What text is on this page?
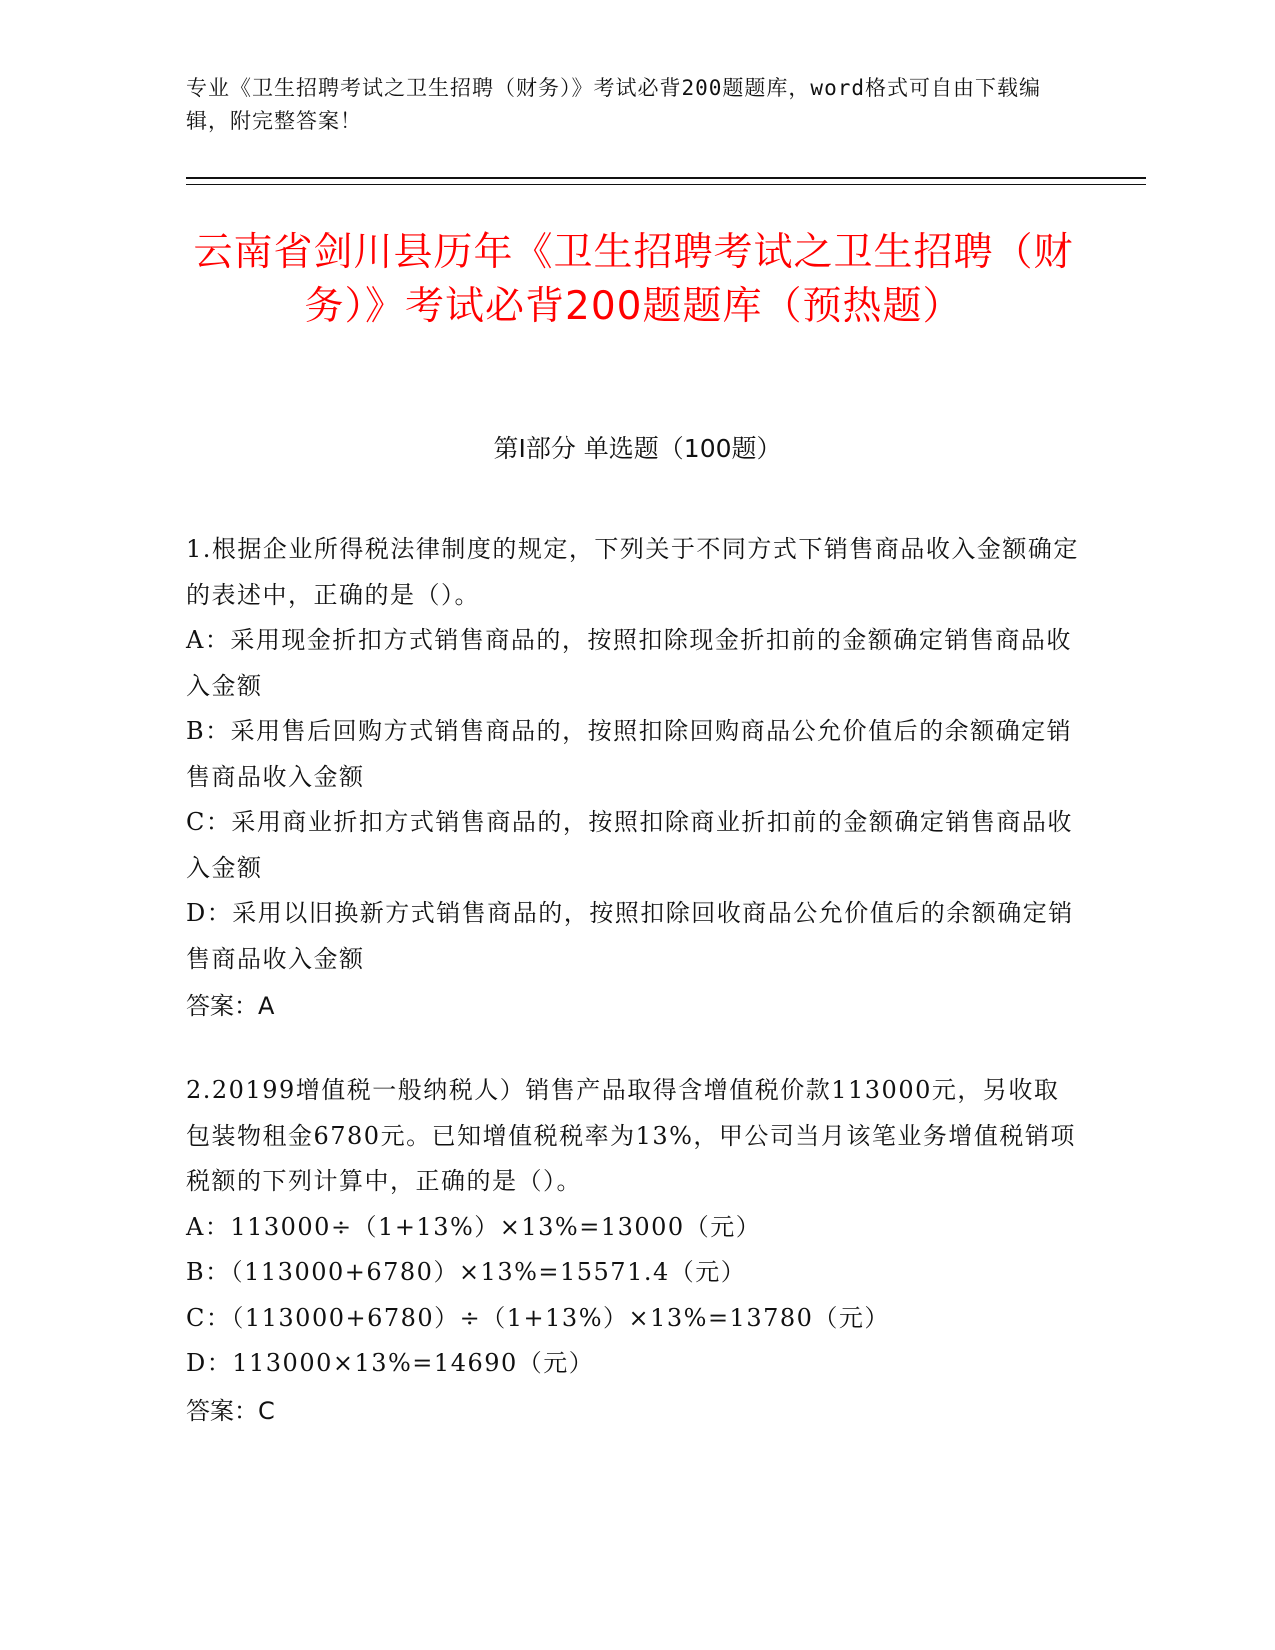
专业《卫生招聘考试之卫生招聘（财务）》考试必背200题题库，word格式可自由下载编辑，附完整答案！
云南省剑川县历年《卫生招聘考试之卫生招聘（财务）》考试必背200题题库（预热题）
第Ⅰ部分 单选题（100题）
1.根据企业所得税法律制度的规定，下列关于不同方式下销售商品收入金额确定的表述中，正确的是（）。
A：采用现金折扣方式销售商品的，按照扣除现金折扣前的金额确定销售商品收入金额
B：采用售后回购方式销售商品的，按照扣除回购商品公允价值后的余额确定销售商品收入金额
C：采用商业折扣方式销售商品的，按照扣除商业折扣前的金额确定销售商品收入金额
D：采用以旧换新方式销售商品的，按照扣除回收商品公允价值后的余额确定销售商品收入金额
答案：A
2.20199增值税一般纳税人）销售产品取得含增值税价款113000元，另收取包装物租金6780元。已知增值税税率为13%，甲公司当月该笔业务增值税销项税额的下列计算中，正确的是（）。
A：113000÷（1+13%）×13%=13000（元）
B：（113000+6780）×13%=15571.4（元）
C：（113000+6780）÷（1+13%）×13%=13780（元）
D：113000×13%=14690（元）
答案：C
